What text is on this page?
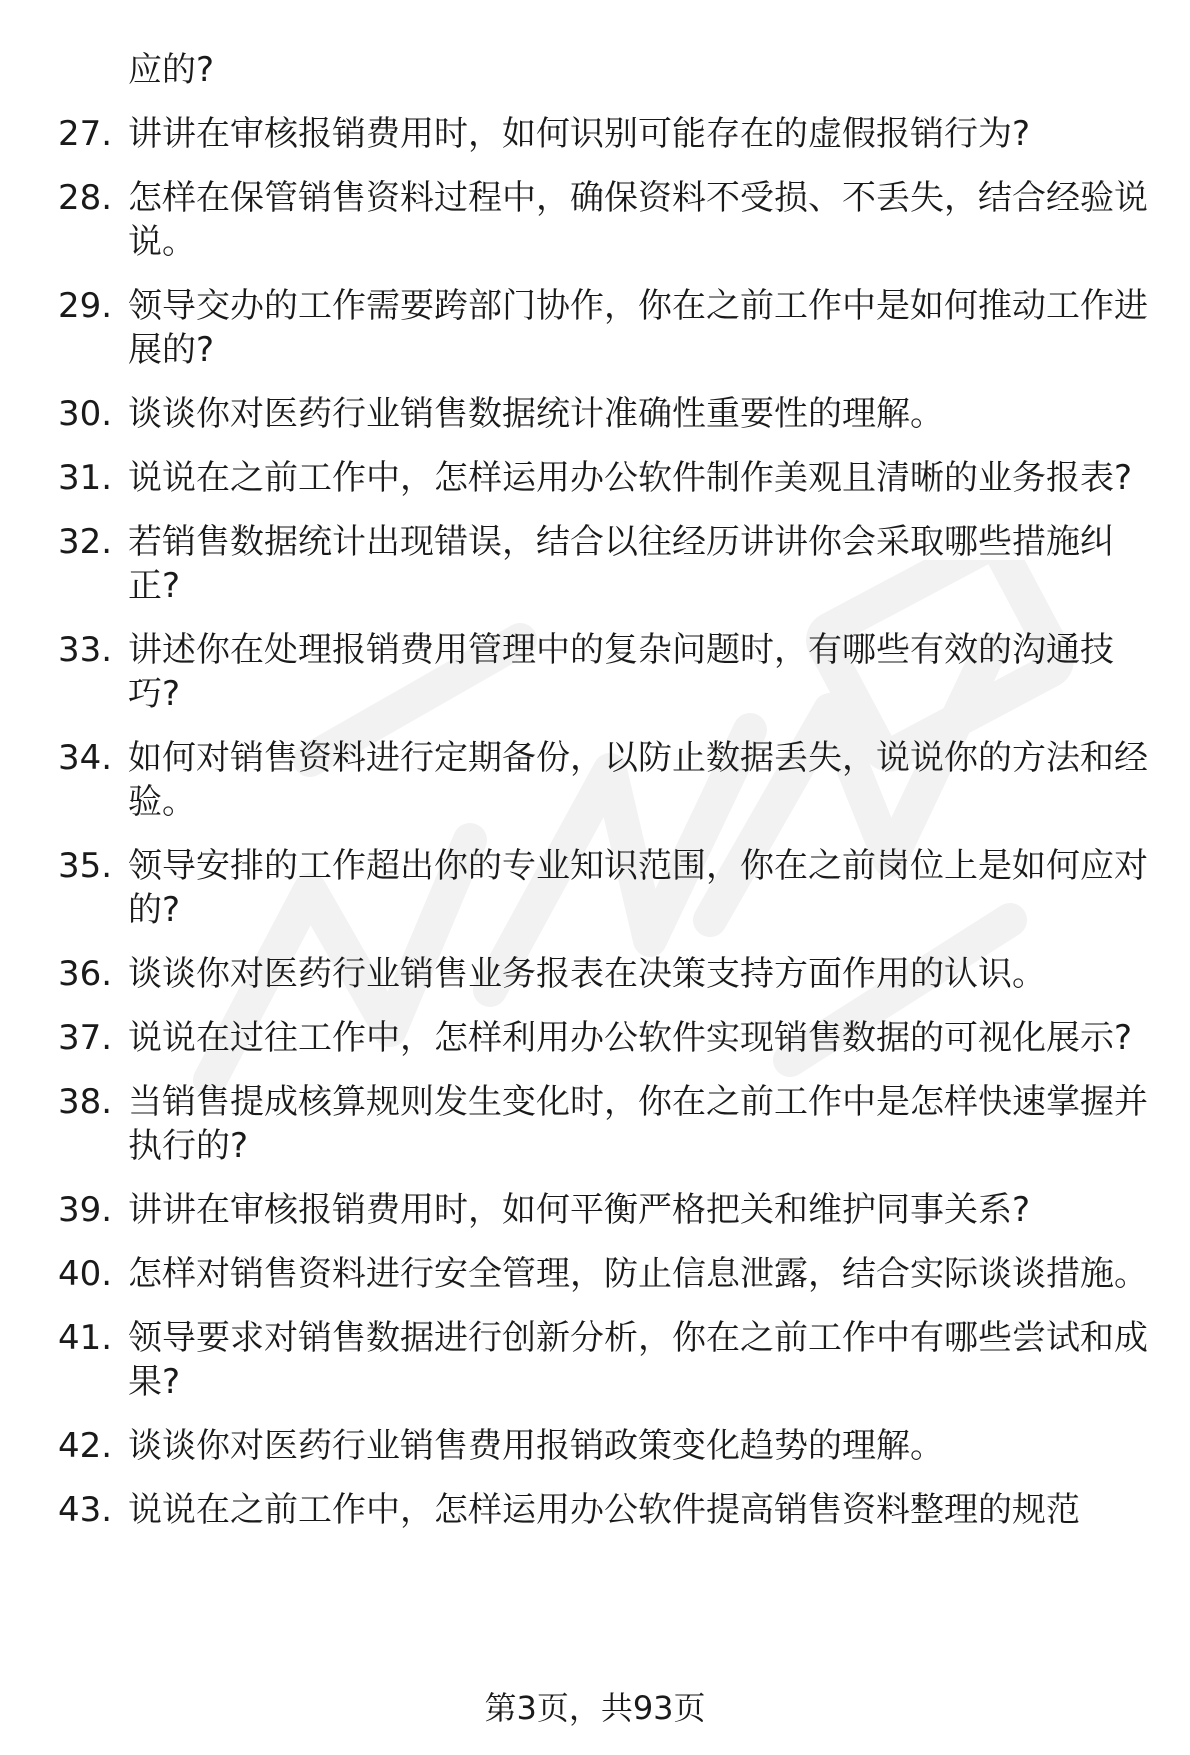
应的?
27. 讲讲在审核报销费用时，如何识别可能存在的虚假报销行为?
28. 怎样在保管销售资料过程中，确保资料不受损、不丢失，结合经验说说。
29. 领导交办的工作需要跨部门协作，你在之前工作中是如何推动工作进展的?
30. 谈谈你对医药行业销售数据统计准确性重要性的理解。
31. 说说在之前工作中，怎样运用办公软件制作美观且清晰的业务报表?
32. 若销售数据统计出现错误，结合以往经历讲讲你会采取哪些措施纠正?
33. 讲述你在处理报销费用管理中的复杂问题时，有哪些有效的沟通技巧?
34. 如何对销售资料进行定期备份，以防止数据丢失，说说你的方法和经验。
35. 领导安排的工作超出你的专业知识范围，你在之前岗位上是如何应对的?
36. 谈谈你对医药行业销售业务报表在决策支持方面作用的认识。
37. 说说在过往工作中，怎样利用办公软件实现销售数据的可视化展示?
38. 当销售提成核算规则发生变化时，你在之前工作中是怎样快速掌握并执行的?
39. 讲讲在审核报销费用时，如何平衡严格把关和维护同事关系?
40. 怎样对销售资料进行安全管理，防止信息泄露，结合实际谈谈措施。
41. 领导要求对销售数据进行创新分析，你在之前工作中有哪些尝试和成果?
42. 谈谈你对医药行业销售费用报销政策变化趋势的理解。
43. 说说在之前工作中，怎样运用办公软件提高销售资料整理的规范
第3页，共93页
